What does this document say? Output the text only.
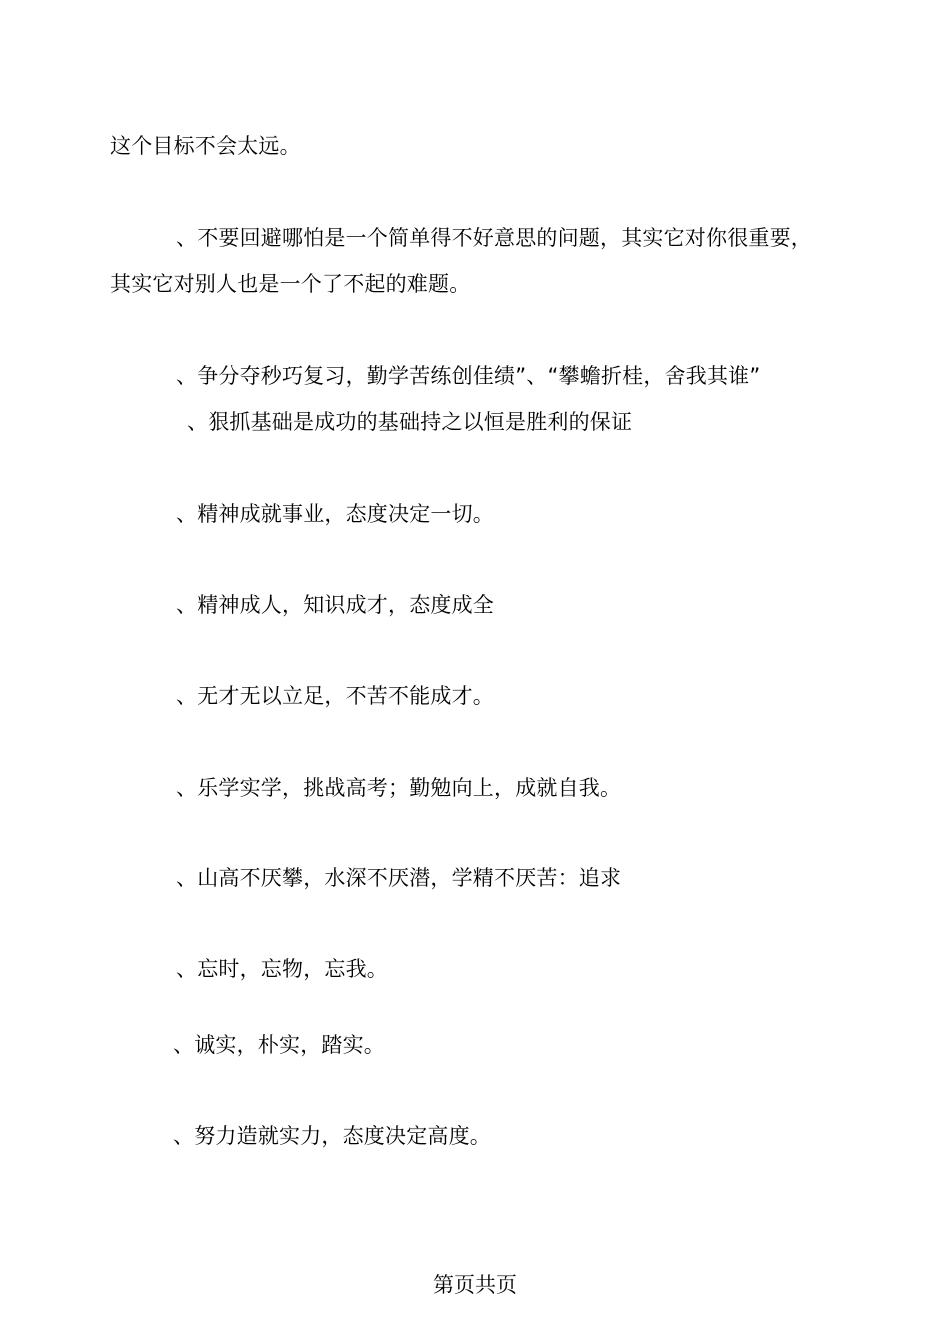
这个目标不会太远。
、不要回避哪怕是一个简单得不好意思的问题，其实它对你很重要，
其实它对别人也是一个了不起的难题。
、争分夺秒巧复习，勤学苦练创佳绩”、“攀蟾折桂，舍我其谁”
、狠抓基础是成功的基础持之以恒是胜利的保证
、精神成就事业，态度决定一切。
、精神成人，知识成才，态度成全
、无才无以立足，不苦不能成才。
、乐学实学，挑战高考；勤勉向上，成就自我。
、山高不厌攀，水深不厌潜，学精不厌苦：追求
、忘时，忘物，忘我。
、诚实，朴实，踏实。
、努力造就实力，态度决定高度。
第页共页
